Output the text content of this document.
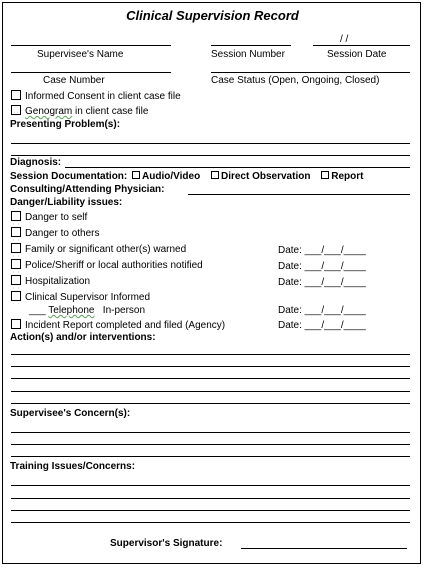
Clinical Supervision Record
/ /
Supervisee's Name	Session Number	Session Date
Case Number	Case Status (Open, Ongoing, Closed)
Informed Consent in client case file
Genogram in client case file
Presenting Problem(s):
Diagnosis:
Session Documentation: Audio/Video Direct Observation Report
Consulting/Attending Physician:
Danger/Liability issues:
Danger to self
Danger to others
Family or significant other(s) warned	Date: ___/___/____
Police/Sheriff or local authorities notified	Date: ___/___/____
Hospitalization	Date: ___/___/____
Clinical Supervisor Informed
___ Telephone In-person	Date: ___/___/____
Incident Report completed and filed (Agency)	Date: ___/___/____
Action(s) and/or interventions:
Supervisee's Concern(s):
Training Issues/Concerns:
Supervisor's Signature:
